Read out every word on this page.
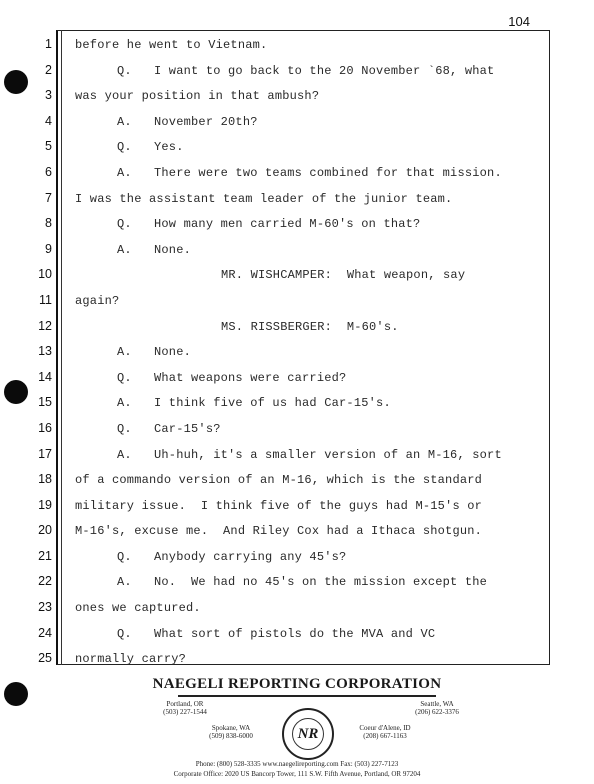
104
1 before he went to Vietnam.
2	Q.   I want to go back to the 20 November `68, what
3 was your position in that ambush?
4	A.   November 20th?
5	Q.   Yes.
6	A.   There were two teams combined for that mission.
7 I was the assistant team leader of the junior team.
8	Q.   How many men carried M-60's on that?
9	A.   None.
10	MR. WISHCAMPER:  What weapon, say
11 again?
12	MS. RISSBERGER:  M-60's.
13	A.   None.
14	Q.   What weapons were carried?
15	A.   I think five of us had Car-15's.
16	Q.   Car-15's?
17	A.   Uh-huh, it's a smaller version of an M-16, sort
18 of a commando version of an M-16, which is the standard
19 military issue.  I think five of the guys had M-15's or
20 M-16's, excuse me.  And Riley Cox had a Ithaca shotgun.
21	Q.   Anybody carrying any 45's?
22	A.   No.  We had no 45's on the mission except the
23 ones we captured.
24	Q.   What sort of pistols do the MVA and VC
25 normally carry?
NAEGELI REPORTING CORPORATION
Portland, OR
(503) 227-1544
Seattle, WA
(206) 622-3376
Spokane, WA
(509) 838-6000
Coeur d'Alene, ID
(208) 667-1163
NR
Phone: (800) 528-3335 www.naegelireporting.com Fax: (503) 227-7123
Corporate Office: 2020 US Bancorp Tower, 111 S.W. Fifth Avenue, Portland, OR 97204
